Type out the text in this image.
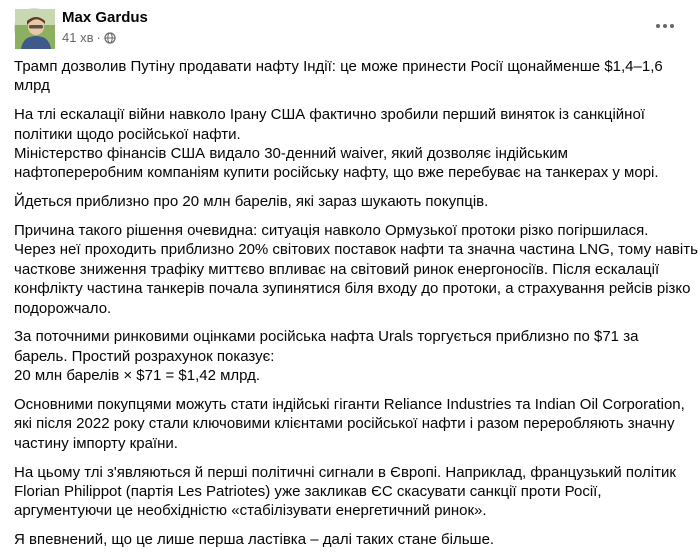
Max Gardus
41 хв ·
Трамп дозволив Путіну продавати нафту Індії: це може принести Росії щонайменше $1,4–1,6
млрд
На тлі ескалації війни навколо Ірану США фактично зробили перший виняток із санкційної
політики щодо російської нафти.
Міністерство фінансів США видало 30-денний waiver, який дозволяє індійським
нафтопереробним компаніям купити російську нафту, що вже перебуває на танкерах у морі.
Йдеться приблизно про 20 млн барелів, які зараз шукають покупців.
Причина такого рішення очевидна: ситуація навколо Ормузької протоки різко погіршилася.
Через неї проходить приблизно 20% світових поставок нафти та значна частина LNG, тому навіть
часткове зниження трафіку миттєво впливає на світовий ринок енергоносіїв. Після ескалації
конфлікту частина танкерів почала зупинятися біля входу до протоки, а страхування рейсів різко
подорожчало.
За поточними ринковими оцінками російська нафта Urals торгується приблизно по $71 за
барель. Простий розрахунок показує:
20 млн барелів × $71 = $1,42 млрд.
Основними покупцями можуть стати індійські гіганти Reliance Industries та Indian Oil Corporation,
які після 2022 року стали ключовими клієнтами російської нафти і разом переробляють значну
частину імпорту країни.
На цьому тлі з'являються й перші політичні сигнали в Європі. Наприклад, французький політик
Florian Philippot (партія Les Patriotes) уже закликав ЄС скасувати санкції проти Росії,
аргументуючи це необхідністю «стабілізувати енергетичний ринок».
Я впевнений, що це лише перша ластівка – далі таких стане більше.
